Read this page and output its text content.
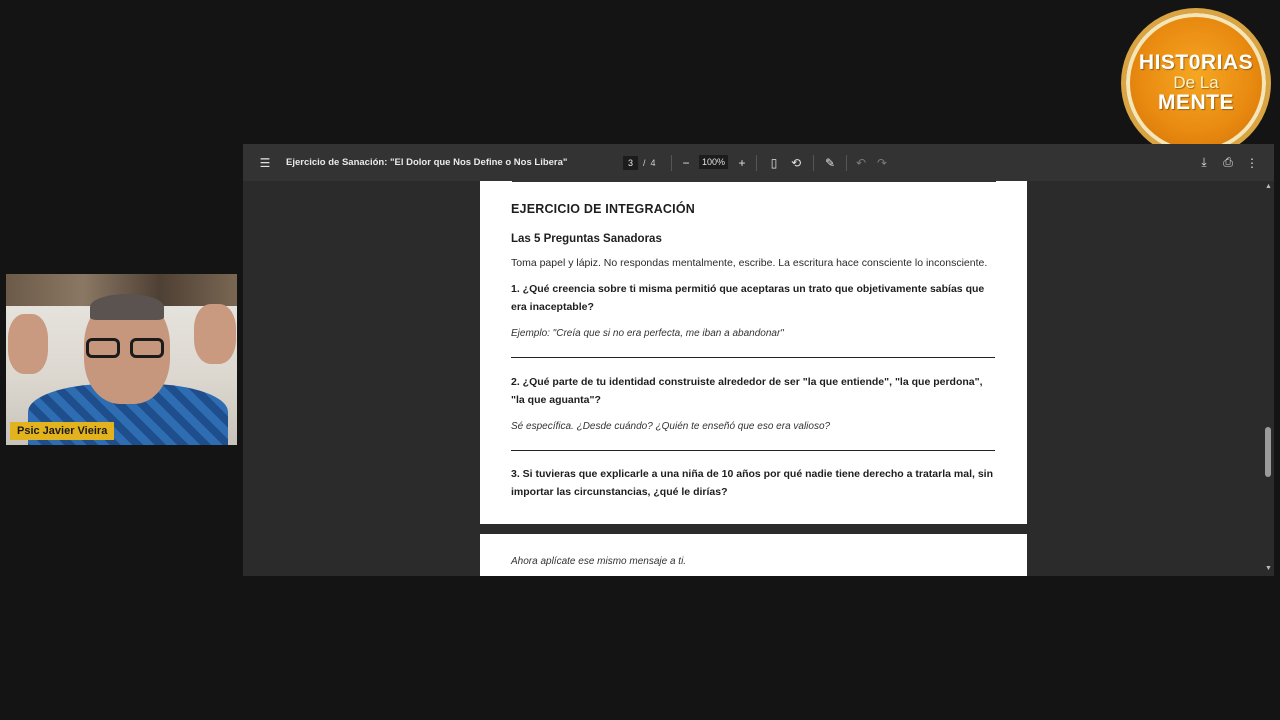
HIST0RIAS
De La
MENTE
Psic Javier Vieira
☰ Ejercicio de Sanación: "El Dolor que Nos Define o Nos Libera"	3	/ 4 −	100% + ▯ ⟲ ✎ ↶ ↷	⤓ ⎙ ⋮
EJERCICIO DE INTEGRACIÓN
Las 5 Preguntas Sanadoras
Toma papel y lápiz. No respondas mentalmente, escribe. La escritura hace consciente lo inconsciente.
1. ¿Qué creencia sobre ti misma permitió que aceptaras un trato que objetivamente sabías que era inaceptable?
Ejemplo: "Creía que si no era perfecta, me iban a abandonar"
2. ¿Qué parte de tu identidad construiste alrededor de ser "la que entiende", "la que perdona", "la que aguanta"?
Sé específica. ¿Desde cuándo? ¿Quién te enseñó que eso era valioso?
3. Si tuvieras que explicarle a una niña de 10 años por qué nadie tiene derecho a tratarla mal, sin importar las circunstancias, ¿qué le dirías?
Ahora aplícate ese mismo mensaje a ti.
▲
▼
